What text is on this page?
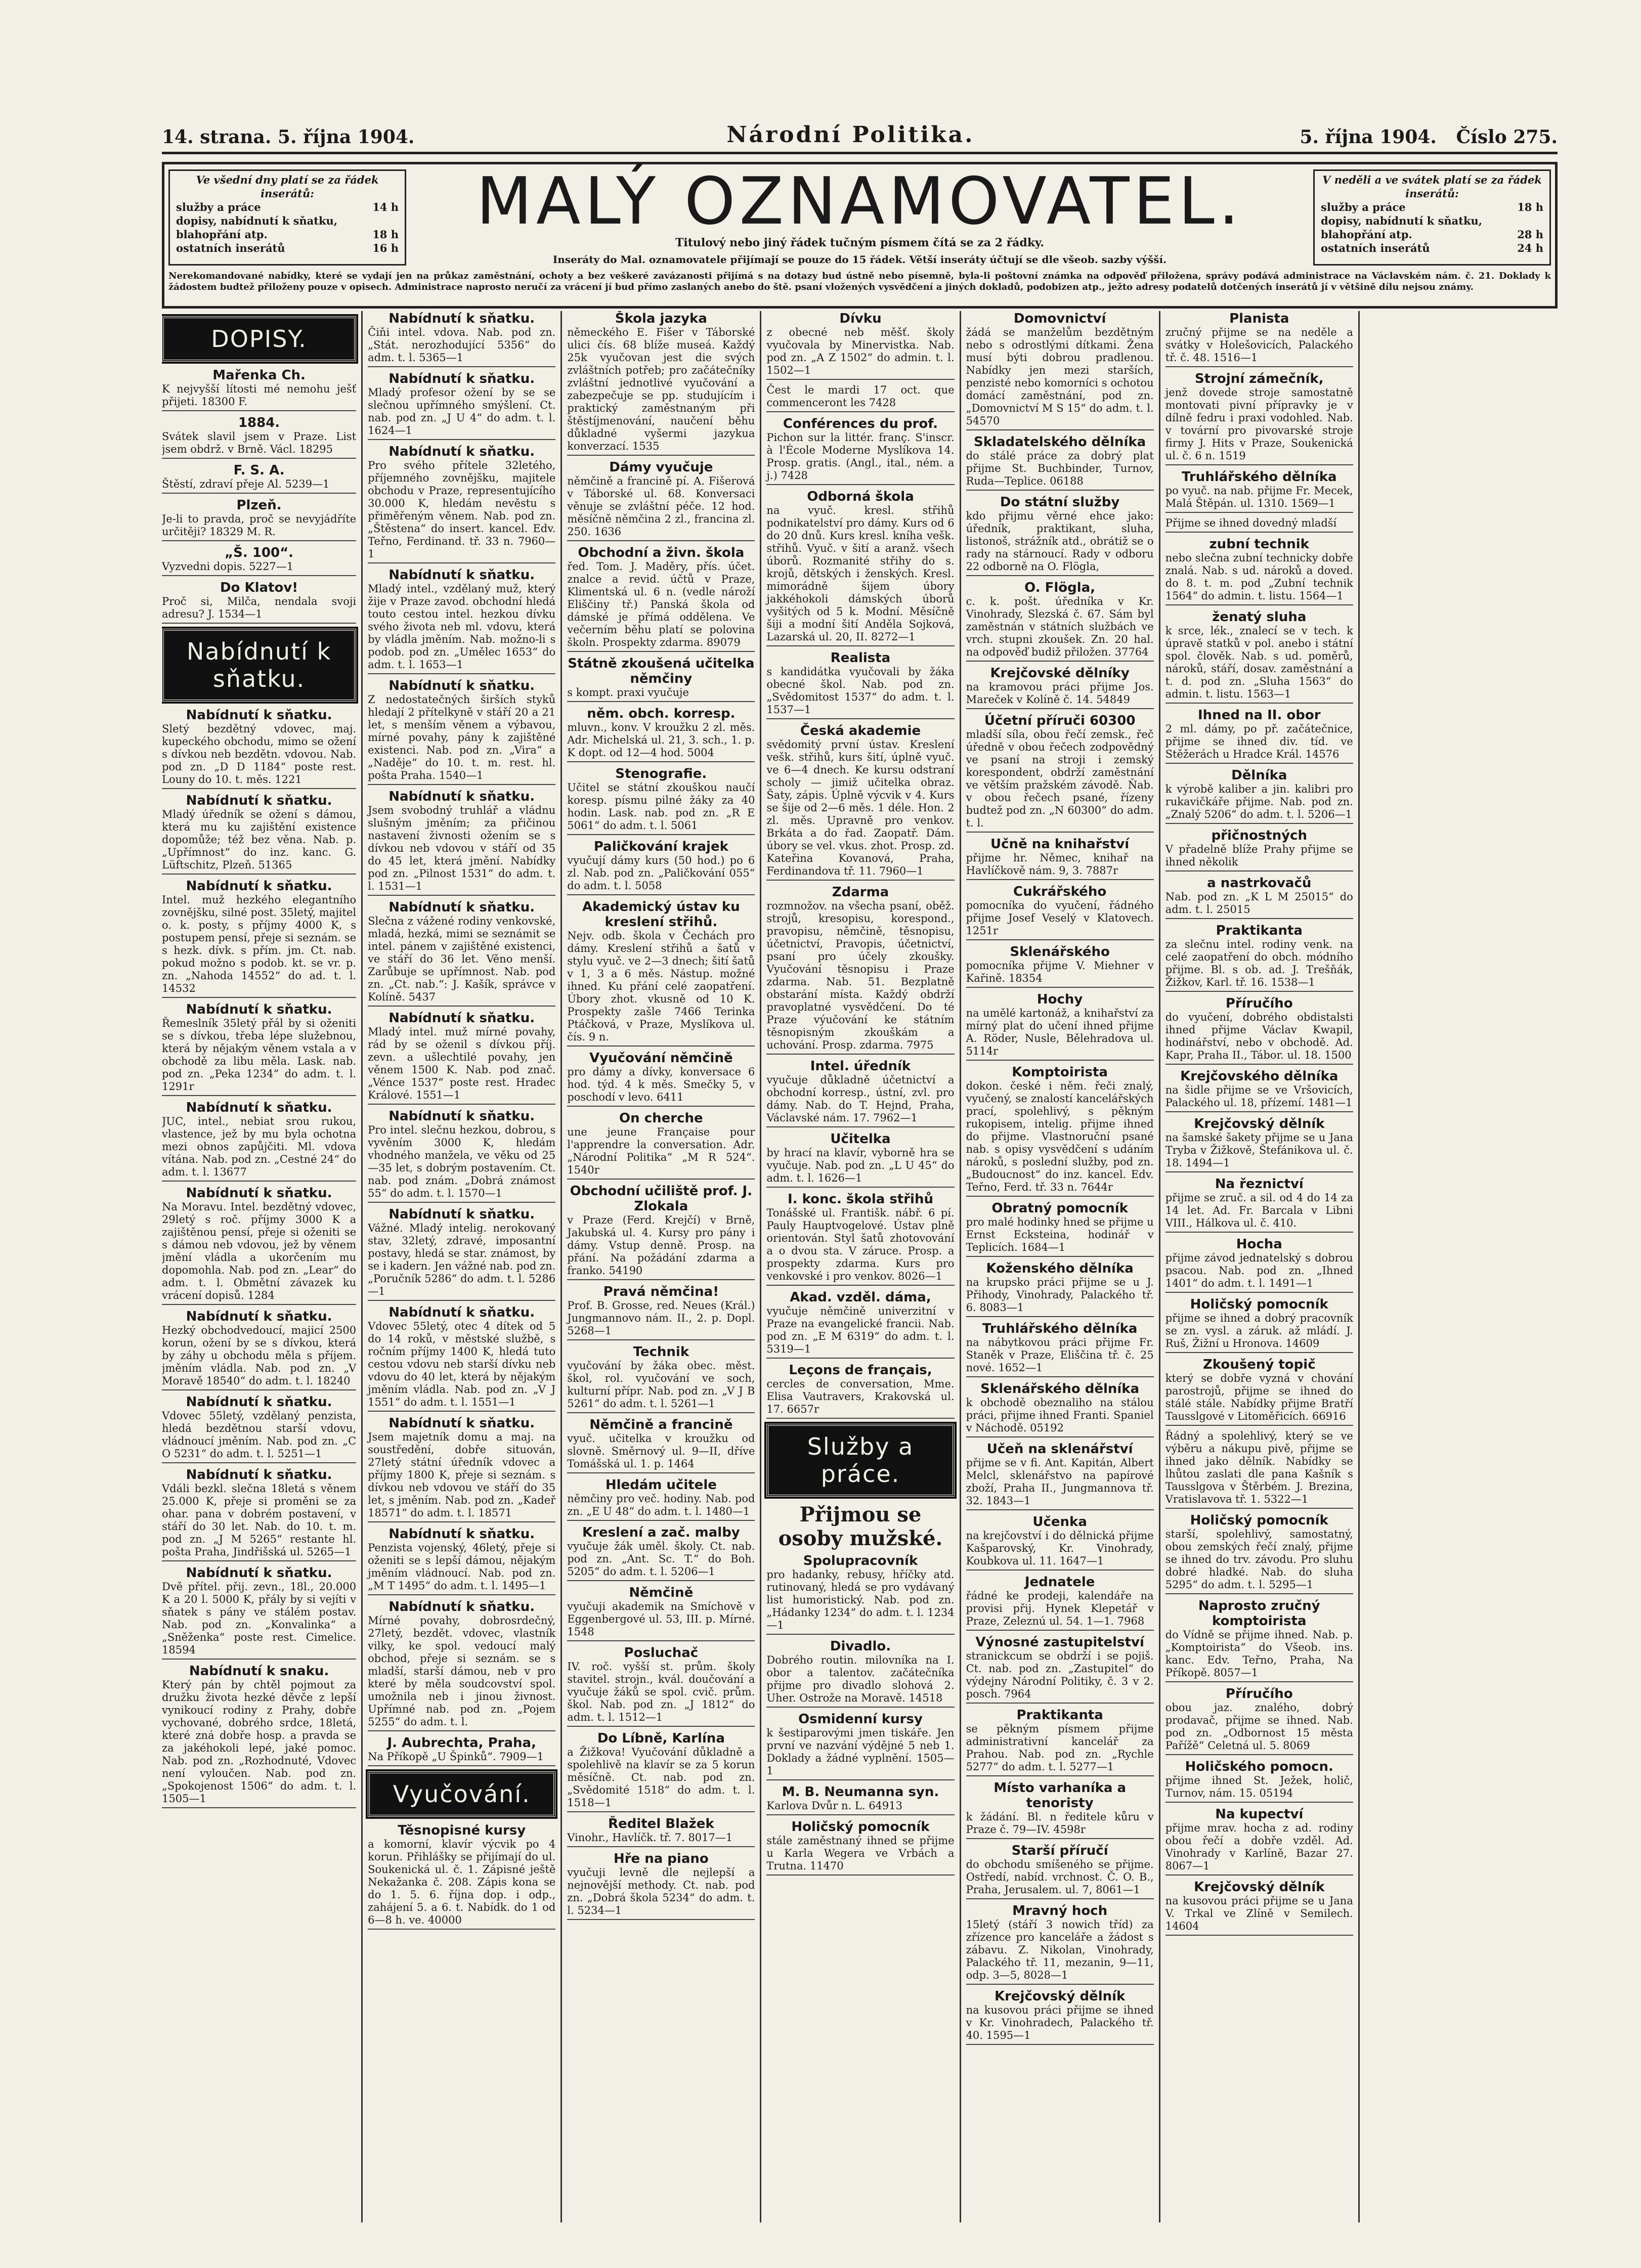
14. strana. 5. října 1904.	Národní Politika.	5. října 1904. Číslo 275.
Ve všední dny platí se za řádek inserátů:
služby a práce	14 h
dopisy, nabídnutí k sňatku,
blahopřání atp.	18 h
ostatních inserátů	16 h
MALÝ OZNAMOVATEL.
Titulový nebo jiný řádek tučným písmem čítá se za 2 řádky.
Inseráty do Mal. oznamovatele přijímají se pouze do 15 řádek. Větší inseráty účtují se dle všeob. sazby výšší.
V neděli a ve svátek platí se za řádek inserátů:
služby a práce	18 h
dopisy, nabídnutí k sňatku,
blahopřání atp.	28 h
ostatních inserátů	24 h
Nerekomandované nabídky, které se vydají jen na průkaz zaměstnání, ochoty a bez veškeré zavázanosti přijímá s na dotazy bud ústně nebo písemně, byla-li poštovní známka na odpověď přiložena, správy podává administrace na Václavském nám. č. 21. Doklady k žádostem budtež přiloženy pouze v opisech. Administrace naprosto neručí za vrácení jí bud přímo zaslaných anebo do ště. psaní vložených vysvědčení a jiných dokladů, podobizen atp., ježto adresy podatelů dotčených inserátů jí v většině dílu nejsou známy.
DOPISY.
Mařenka Ch.

K nejvyšší lítosti mé nemohu ješť přijeti. 18300 F.

1884.

Svátek slavil jsem v Praze. List jsem obdrž. v Brně. Václ. 18295

F. S. A.

Štěstí, zdraví přeje Al. 5239—1

Plzeň.

Je-li to pravda, proč se nevyjádříte určitěji? 18329 M. R.

„Š. 100“.

Vyzvedni dopis. 5227—1

Do Klatov!

Proč si, Milča, nendala svoji adresu? J. 1534—1

Nabídnutí k sňatku.
Nabídnutí k sňatku.

Sletý bezdětný vdovec, maj. kupeckého obchodu, mimo se ožení s dívkou neb bezdětn. vdovou. Nab. pod zn. „D D 1184“ poste rest. Louny do 10. t. měs. 1221

Nabídnutí k sňatku.

Mladý úředník se ožení s dámou, která mu ku zajištění existence dopomůže; též bez věna. Nab. p. „Upřímnost“ do inz. kanc. G. Lüftschitz, Plzeň. 51365

Nabídnutí k sňatku.

Intel. muž hezkého elegantního zovnějšku, silné post. 35letý, majitel o. k. posty, s příjmy 4000 K, s postupem pensí, přeje si seznám. se s hezk. dívk. s přím. jm. Ct. nab. pokud možno s podob. kt. se vr. p. zn. „Nahoda 14552“ do ad. t. l. 14532

Nabídnutí k sňatku.

Řemeslník 35letý přál by si oženiti se s dívkou, třeba lépe služebnou, která by nějakým věnem vstala a v obchodě za libu měla. Lask. nab. pod zn. „Peka 1234“ do adm. t. l. 1291r

Nabídnutí k sňatku.

JUC, intel., nebiat srou rukou, vlastence, jež by mu byla ochotna mezi obnos zapůjčiti. Ml. vdova vítána. Nab. pod zn. „Cestné 24“ do adm. t. l. 13677

Nabídnutí k sňatku.

Na Moravu. Intel. bezdětný vdovec, 29letý s roč. příjmy 3000 K a zajištěnou pensí, přeje si oženiti se s dámou neb vdovou, jež by věnem jmění vládla a ukorčením mu dopomohla. Nab. pod zn. „Lear“ do adm. t. l. Obmětní závazek ku vrácení dopisů. 1284

Nabídnutí k sňatku.

Hezký obchodvedoucí, majicí 2500 korun, ožení by se s dívkou, která by záhy u obchodu měla s příjem. jměním vládla. Nab. pod zn. „V Moravě 18540“ do adm. t. l. 18240

Nabídnutí k sňatku.

Vdovec 55letý, vzdělaný penzista, hledá bezdětnou starší vdovu, vládnoucí jměním. Nab. pod zn. „C O 5231“ do adm. t. l. 5251—1

Nabídnutí k sňatku.

Vdáli bezkl. slečna 18letá s věnem 25.000 K, přeje si proměni se za ohar. pana v dobrém postavení, v stáří do 30 let. Nab. do 10. t. m. pod zn. „J M 5265“ restante hl. pošta Praha, Jindřišská ul. 5265—1

Nabídnutí k sňatku.

Dvě přítel. přij. zevn., 18l., 20.000 K a 20 l. 5000 K, přály by si vejíti v sňatek s pány ve stálém postav. Nab. pod zn. „Konvalinka“ a „Sněženka“ poste rest. Cimelice. 18594

Nabídnutí k snaku.

Který pán by chtěl pojmout za družku života hezké děvče z lepší vynikoucí rodiny z Prahy, dobře vychované, dobrého srdce, 18letá, které zná dobře hosp. a pravda se za jakéhokoli lepé, jaké pomoc. Nab. pod zn. „Rozhodnuté, Vdovec není vyloučen. Nab. pod zn. „Spokojenost 1506“ do adm. t. l. 1505—1

Nabídnutí k sňatku.

Čiňi intel. vdova. Nab. pod zn. „Stát. nerozhodující 5356“ do adm. t. l. 5365—1

Nabídnutí k sňatku.

Mladý profesor ožení by se se slečnou upřímného smýšlení. Ct. nab. pod zn. „J U 4“ do adm. t. l. 1624—1

Nabídnutí k sňatku.

Pro svého přítele 32letého, příjemného zovnějšku, majitele obchodu v Praze, representujícího 30.000 K, hledám nevěstu s přiměřeným věnem. Nab. pod zn. „Štěstena“ do insert. kancel. Edv. Teřno, Ferdinand. tř. 33 n. 7960—1

Nabídnutí k sňatku.

Mladý intel., vzdělaný muž, který žije v Praze zavod. obchodní hledá touto cestou intel. hezkou dívku svého života neb ml. vdovu, která by vládla jměním. Nab. možno-li s podob. pod zn. „Umělec 1653“ do adm. t. l. 1653—1

Nabídnutí k sňatku.

Z nedostatečných širších styků hledají 2 přítelkyně v stáří 20 a 21 let, s menším věnem a výbavou, mírné povahy, pány k zajištěné existenci. Nab. pod zn. „Vira“ a „Naděje“ do 10. t. m. rest. hl. pošta Praha. 1540—1

Nabídnutí k sňatku.

Jsem svobodný truhlář a vládnu slušným jměním; za přičinou nastavení živnosti ožením se s dívkou neb vdovou v stáří od 35 do 45 let, která jmění. Nabídky pod zn. „Pilnost 1531“ do adm. t. l. 1531—1

Nabídnutí k sňatku.

Slečna z vážené rodiny venkovské, mladá, hezká, mimi se seznámit se intel. pánem v zajištěné existenci, ve stáří do 36 let. Věno menší. Zarůbuje se upřímnost. Nab. pod zn. „Ct. nab.“: J. Kašík, správce v Kolíně. 5437

Nabídnutí k sňatku.

Mladý intel. muž mírné povahy, rád by se oženil s dívkou příj. zevn. a ušlechtilé povahy, jen věnem 1500 K. Nab. pod znač. „Vénce 1537“ poste rest. Hradec Králové. 1551—1

Nabídnutí k sňatku.

Pro intel. slečnu hezkou, dobrou, s vyvěním 3000 K, hledám vhodného manžela, ve věku od 25—35 let, s dobrým postavením. Ct. nab. pod znám. „Dobrá známost 55“ do adm. t. l. 1570—1

Nabídnutí k sňatku.

Vážné. Mladý intelig. nerokovaný stav, 32letý, zdravé, imposantní postavy, hledá se star. známost, by se i kadern. Jen vážné nab. pod zn. „Poručník 5286“ do adm. t. l. 5286—1

Nabídnutí k sňatku.

Vdovec 55letý, otec 4 dítek od 5 do 14 roků, v městské službě, s ročním příjmy 1400 K, hledá tuto cestou vdovu neb starší dívku neb vdovu do 40 let, která by nějakým jměním vládla. Nab. pod zn. „V J 1551“ do adm. t. l. 1551—1

Nabídnutí k sňatku.

Jsem majetník domu a maj. na soustředění, dobře situován, 27letý státní úředník vdovec a příjmy 1800 K, přeje si seznám. s dívkou neb vdovou ve stáří do 35 let, s jměním. Nab. pod zn. „Kadeř 18571“ do adm. t. l. 18571

Nabídnutí k sňatku.

Penzista vojenský, 46letý, přeje si oženiti se s lepší dámou, nějakým jměním vládnoucí. Nab. pod zn. „M T 1495“ do adm. t. l. 1495—1

Nabídnutí k sňatku.

Mírné povahy, dobrosrdečný, 27letý, bezdět. vdovec, vlastník vilky, ke spol. vedoucí malý obchod, přeje si seznám. se s mladší, starší dámou, neb v pro které by měla soudcovství spol. umožnila neb i jinou živnost. Upřímné nab. pod zn. „Pojem 5255“ do adm. t. l.

J. Aubrechta, Praha,

Na Příkopě „U Špinků“. 7909—1

Vyučování.
Těsnopisné kursy

a komorní, klavír výcvik po 4 korun. Přihlášky se přijímají do ul. Soukenická ul. č. 1. Zápisné ještě Nekažanka č. 208. Zápis kona se do 1. 5. 6. října dop. i odp., zahájení 5. a 6. t. Nabídk. do 1 od 6—8 h. ve. 40000

Škola jazyka

německého E. Fišer v Táborské ulici čís. 68 blíže museá. Každý 25k vyučovan jest die svých zvláštních potřeb; pro začátečníky zvláštní jednotlivé vyučování a zabezpečuje se pp. studujícím i praktický zaměstnaným při štěstíjmenování, naučení běhu důkladné vyšermi jazykua konverzací. 1535

Dámy vyučuje

němčině a francině pí. A. Fišerová v Táborské ul. 68. Konversaci věnuje se zvláštní péče. 12 hod. měsíčně němčina 2 zl., francina zl. 250. 1636

Obchodní a živn. škola

řed. Tom. J. Maděry, přís. účet. znalce a revid. účtů v Praze, Klimentská ul. 6 n. (vedle nároží Eliščiny tř.) Panská škola od dámské je přímá oddělena. Ve večerním běhu platí se polovina školn. Prospekty zdarma. 89079

Státně zkoušená učitelka němčiny

s kompt. praxi vyučuje

něm. obch. korresp.

mluvn., konv. V kroužku 2 zl. měs. Adr. Michelská ul. 21, 3. sch., 1. p. K dopt. od 12—4 hod. 5004

Stenografie.

Učitel se státní zkouškou naučí koresp. písmu pilné žáky za 40 hodin. Lask. nab. pod zn. „R E 5061“ do adm. t. l. 5061

Paličkování krajek

vyučují dámy kurs (50 hod.) po 6 zl. Nab. pod zn. „Paličkování 055“ do adm. t. l. 5058

Akademický ústav ku kreslení střihů.

Nejv. odb. škola v Čechách pro dámy. Kreslení střihů a šatů v stylu vyuč. ve 2—3 dnech; šití šatů v 1, 3 a 6 měs. Nástup. možné ihned. Ku přání celé zaopatření. Úbory zhot. vkusně od 10 K. Prospekty zašle 7466 Terinka Ptáčková, v Praze, Myslíkova ul. čís. 9 n.

Vyučování němčině

pro dámy a dívky, konversace 6 hod. týd. 4 k měs. Smečky 5, v poschodí v levo. 6411

On cherche

une jeune Française pour l'apprendre la conversation. Adr. „Národní Politika“ „M R 524“. 1540r

Obchodní učiliště prof. J. Zlokala

v Praze (Ferd. Krejčí) v Brně, Jakubská ul. 4. Kursy pro pány i dámy. Vstup denně. Prosp. na přání. Na požádání zdarma a franko. 54190

Pravá němčina!

Prof. B. Grosse, red. Neues (Král.) Jungmannovo nám. II., 2. p. Dopl. 5268—1

Technik

vyučování by žáka obec. měst. škol, rol. vyučování ve soch, kulturní přípr. Nab. pod zn. „V J B 5261“ do adm. t. l. 5261—1

Němčině a francině

vyuč. učitelka v kroužku od slovně. Směrnový ul. 9—II, dříve Tomášská ul. 1. p. 1464

Hledám učitele

němčiny pro več. hodiny. Nab. pod zn. „E U 48“ do adm. t. l. 1480—1

Kreslení a zač. malby

vyučuje žák uměl. školy. Ct. nab. pod zn. „Ant. Sc. T.“ do Boh. 5205“ do adm. t. l. 5206—1

Němčině

vyučuji akademik na Smíchově v Eggenbergové ul. 53, III. p. Mírné. 1548

Posluchač

IV. roč. vyšší st. prům. školy stavitel. strojn., kvál. doučování a vyučuje žáků se spol. cvič. prům. škol. Nab. pod zn. „J 1812“ do adm. t. l. 1512—1

Do Líbně, Karlína

a Žižkova! Vyučování důkladně a spolehlivě na klavír se za 5 korun měsíčně. Ct. nab. pod zn. „Svědomité 1518“ do adm. t. l. 1518—1

Ředitel Blažek

Vinohr., Havlíčk. tř. 7. 8017—1

Hře na piano

vyučuji levně dle nejlepší a nejnovější methody. Ct. nab. pod zn. „Dobrá škola 5234“ do adm. t. l. 5234—1

Dívku

z obecné neb měšť. školy vyučovala by Minervistka. Nab. pod zn. „A Z 1502“ do admin. t. l. 1502—1

Čest le mardi 17 oct. que commenceront les 7428

Conférences du prof.

Pichon sur la littér. franç. S'inscr. à l'École Moderne Myslíkova 14. Prosp. gratis. (Angl., ital., ném. a j.) 7428

Odborná škola

na vyuč. kresl. střihů podnikatelství pro dámy. Kurs od 6 do 20 dnů. Kurs kresl. kníha vešk. střihů. Vyuč. v šití a aranž. všech úborů. Rozmanité střihy do s. krojů, dětských i ženských. Kresl. mimorádně šijem úbory jakkéhokoli dámských úborů vyšitých od 5 k. Modní. Měsíčně šiji a modní šití Anděla Sojková, Lazarská ul. 20, II. 8272—1

Realista

s kandidátka vyučovali by žáka obecné škol. Nab. pod zn. „Svědomitost 1537“ do adm. t. l. 1537—1

Česká akademie

svědomitý první ústav. Kreslení vešk. střihů, kurs šití, úplně vyuč. ve 6—4 dnech. Ke kursu odstraní scholy — jimiž učitelka obraz. Šaty, zápis. Úplně výcvik v 4. Kurs se šije od 2—6 měs. 1 déle. Hon. 2 zl. měs. Upravně pro venkov. Brkáta a do řad. Zaopatř. Dám. úbory se vel. vkus. zhot. Prosp. zd. Kateřina Kovanová, Praha, Ferdinandova tř. 11. 7960—1

Zdarma

rozmnožov. na všecha psaní, oběž. strojů, kresopisu, korespond., pravopisu, němčině, těsnopisu, účetnictví, Pravopis, účetnictví, psaní pro účely zkoušky. Vyučování těsnopisu i Praze zdarma. Nab. 51. Bezplatně obstarání místa. Každý obdrží pravoplatné vysvědčení. Do té Praze výučování ke státním těsnopisným zkouškám a uchování. Prosp. zdarma. 7975

Intel. úředník

vyučuje důkladně účetnictví a obchodní korresp., ústní, zvl. pro dámy. Nab. do T. Hejnd, Praha, Václavské nám. 17. 7962—1

Učitelka

by hrací na klavír, vyborně hra se vyučuje. Nab. pod zn. „L U 45“ do adm. t. l. 1626—1

I. konc. škola střihů

Tonášské ul. Františk. nábř. 6 pí. Pauly Hauptvogelové. Ústav plně orientován. Styl šatů zhotovování a o dvou sta. V záruce. Prosp. a prospekty zdarma. Kurs pro venkovské i pro venkov. 8026—1

Akad. vzděl. dáma,

vyučuje němčině univerzitní v Praze na evangelické francii. Nab. pod zn. „E M 6319“ do adm. t. l. 5319—1

Leçons de français,

cercles de conversation, Mme. Elisa Vautravers, Krakovská ul. 17. 6657r

Služby a práce.
Přijmou se osoby mužské.
Spolupracovník

pro hadanky, rebusy, hříčky atd. rutinovaný, hledá se pro vydávaný list humoristický. Nab. pod zn. „Hádanky 1234“ do adm. t. l. 1234—1

Divadlo.

Dobrého routin. milovníka na I. obor a talentov. začátečníka přijme pro divadlo slohová 2. Uher. Ostrože na Moravě. 14518

Osmidenní kursy

k šestiparovými jmen tiskáře. Jen první ve nazvání výdějné 5 neb 1. Doklady a žádné vyplnění. 1505—1

M. B. Neumanna syn.

Karlova Dvůr n. L. 64913

Holičský pomocník

stále zaměstnaný ihned se přijme u Karla Wegera ve Vrbách a Trutna. 11470

Domovnictví

žádá se manželům bezdětným nebo s odrostlými dítkami. Žena musí býti dobrou pradlenou. Nabídky jen mezi starších, penzisté nebo komorníci s ochotou domácí zaměstnání, pod zn. „Domovnictví M S 15“ do adm. t. l. 54570

Skladatelského dělníka

do stálé práce za dobrý plat přijme St. Buchbinder, Turnov, Ruda—Teplice. 06188

Do státní služby

kdo přijmu věrné ehce jako: úředník, praktikant, sluha, listonoš, strážník atd., obrátiž se o rady na stárnoucí. Rady v odboru 22 odborně na O. Flögla,

O. Flögla,

c. k. pošt. úředníka v Kr. Vinohrady, Slezská č. 67. Sám byl zaměstnán v státních službách ve vrch. stupni zkoušek. Zn. 20 hal. na odpověď budiž přiložen. 37764

Krejčovské dělníky

na kramovou práci přijme Jos. Mareček v Kolíně č. 14. 54849

Účetní příruči 60300

mladší síla, obou řečí zemsk., řeč úředně v obou řečech zodpovědný ve psaní na stroji i zemský korespondent, obdrží zaměstnání ve větším pražském závodě. Ňab. v obou řečech psané, řízeny budtež pod zn. „N 60300“ do adm. t. l.

Učně na knihařství

přijme hr. Němec, knihař na Havlíčkově nám. 9, 3. 7887r

Cukrářského

pomocníka do vyučení, řádného přijme Josef Veselý v Klatovech. 1251r

Sklenářského

pomocníka přijme V. Miehner v Kařině. 18354

Hochy

na umělé kartonáž, a knihařství za mírný plat do učení ihned přijme A. Röder, Nusle, Bělehradova ul. 5114r

Komptoirista

dokon. české i něm. řeči znalý, vyučený, se znalostí kancelářských prací, spolehlivý, s pěkným rukopisem, intelig. přijme ihned do přijme. Vlastnoruční psané nab. s opisy vysvědčení s udáním nároků, s poslední služby, pod zn. „Budoucnost“ do inz. kancel. Edv. Teřno, Ferd. tř. 33 n. 7644r

Obratný pomocník

pro malé hodinky hned se přijme u Ernst Ecksteina, hodinář v Teplicích. 1684—1

Koženského dělníka

na krupsko práci přijme se u J. Přihody, Vinohrady, Palackého tř. 6. 8083—1

Truhlářského dělníka

na nábytkovou práci přijme Fr. Staněk v Praze, Eliščina tř. č. 25 nové. 1652—1

Sklenářského dělníka

k obchodě obeznaliho na stálou práci, přijme ihned Franti. Spaniel v Náchodě. 05192

Učeň na sklenářství

přijme se v fi. Ant. Kapitán, Albert Melcl, sklenářstvo na papírové zboží, Praha II., Jungmannova tř. 32. 1843—1

Učenka

na krejčovství i do dělnická přijme Kašparovský, Kr. Vinohrady, Koubkova ul. 11. 1647—1

Jednatele

řádné ke prodeji, kalendáře na provisi přij. Hynek Klepetář v Praze, Zeleznú ul. 54. 1—1. 7968

Výnosné zastupitelství

stranickcum se obdrží i se pojiš. Ct. nab. pod zn. „Zastupitel“ do výdejny Národní Politiky, č. 3 v 2. posch. 7964

Praktikanta

se pěkným písmem přijme administrativní kancelář za Prahou. Nab. pod zn. „Rychle 5277“ do adm. t. l. 5277—1

Místo varhaníka a tenoristy

k žádání. Bl. n ředitele kůru v Praze č. 79—IV. 4598r

Starší příručí

do obchodu smíšeného se přijme. Ostředí, nabíd. vrchnost. Č. O. B., Praha, Jerusalem. ul. 7, 8061—1

Mravný hoch

15letý (stáří 3 nowich tříd) za zřízence pro kanceláře a žádost s zábavu. Z. Nikolan, Vinohrady, Palackého tř. 11, mezanin, 9—11, odp. 3—5, 8028—1

Krejčovský dělník

na kusovou práci přijme se ihned v Kr. Vinohradech, Palackého tř. 40. 1595—1

Planista

zručný přijme se na neděle a svátky v Holešovicích, Palackého tř. č. 48. 1516—1

Strojní zámečník,

jenž dovede stroje samostatně montovati pivní přípravky je v dílně fedru i praxi vodohled. Nab. v tovární pro pivovarské stroje firmy J. Hits v Praze, Soukenická ul. č. 6 n. 1519

Truhlářského dělníka

po vyuč. na nab. přijme Fr. Mecek, Malá Štěpán. ul. 1310. 1569—1

Přijme se ihned dovedný mladší

zubní technik

nebo slečna zubní technicky dobře znalá. Nab. s ud. nároků a doved. do 8. t. m. pod „Zubní technik 1564“ do admin. t. listu. 1564—1

ženatý sluha

k srce, lék., znalecí se v tech. k úpravě statků v pol. anebo i státní spol. člověk. Nab. s ud. poměrů, nároků, stáří, dosav. zaměstnání a t. d. pod zn. „Sluha 1563“ do admin. t. listu. 1563—1

Ihned na II. obor

2 ml. dámy, po př. začátečnice, přijme se ihned div. tíd. ve Stěžerách u Hradce Král. 14576

Dělníka

k výrobě kaliber a jin. kalibri pro rukavičkáře přijme. Nab. pod zn. „Znalý 5206“ do adm. t. l. 5206—1

přičnostných

V přadelně blíže Prahy přijme se ihned několik

a nastrkovačů

Nab. pod zn. „K L M 25015“ do adm. t. l. 25015

Praktikanta

za slečnu intel. rodiny venk. na celé zaopatření do obch. módního přijme. Bl. s ob. ad. J. Trešňák, Žižkov, Karl. tř. 16. 1538—1

Příručího

do vyučení, dobrého obdistalsti ihned přijme Václav Kwapil, hodinářství, nebo v obchodě. Ad. Kapr, Praha II., Tábor. ul. 18. 1500

Krejčovského dělníka

na šidle přijme se ve Vršovicích, Palackého ul. 18, přízemí. 1481—1

Krejčovský dělník

na šamské šakety přijme se u Jana Tryba v Žižkově, Štefánikova ul. č. 18. 1494—1

Na řeznictví

přijme se zruč. a sil. od 4 do 14 za 14 let. Ad. Fr. Barcala v Libni VIII., Hálkova ul. č. 410.

Hocha

přijme závod jednatelský s dobrou psacou. Nab. pod zn. „Ihned 1401“ do adm. t. l. 1491—1

Holičský pomocník

přijme se ihned a dobrý pracovník se zn. vysl. a záruk. až mládí. J. Ruš, Žižní u Hronova. 14609

Zkoušený topič

který se dobře vyzná v chování parostrojů, přijme se ihned do stálé stále. Nabídky přijme Bratří Tausslgové v Litoměřicích. 66916

Řádný a spolehlivý, který se ve výběru a nákupu pivě, přijme se ihned jako dělník. Nabídky se lhůtou zaslati dle pana Kašník s Tausslgova v Štěrbém. J. Brezina, Vratislavova tř. 1. 5322—1

Holičský pomocník

starší, spolehlivý, samostatný, obou zemských řečí znalý, přijme se ihned do trv. závodu. Pro sluhu dobré hladké. Nab. do sluha 5295“ do adm. t. l. 5295—1

Naprosto zručný komptoirista

do Vídně se přijme ihned. Nab. p. „Komptoirista“ do Všeob. ins. kanc. Edv. Teřno, Praha, Na Příkopě. 8057—1

Příručího

obou jaz. znalého, dobrý prodavač, přijme se ihned. Nab. pod zn. „Odbornost 15 města Pařížě“ Celetná ul. 5. 8069

Holičského pomocn.

přijme ihned St. Ježek, holič, Turnov, nám. 15. 05194

Na kupectví

přijme mrav. hocha z ad. rodiny obou řečí a dobře vzděl. Ad. Vinohrady v Karlíně, Bazar 27. 8067—1

Krejčovský dělník

na kusovou práci přijme se u Jana V. Trkal ve Zlíně v Semilech. 14604
